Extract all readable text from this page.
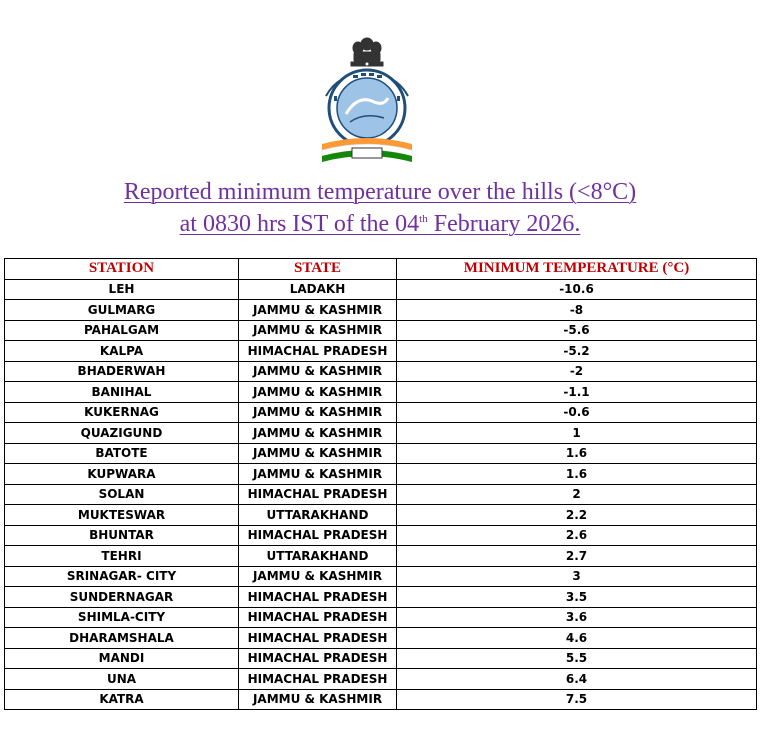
Reported minimum temperature over the hills (<8°C)
at 0830 hrs IST of the 04th February 2026.
STATION	STATE	MINIMUM TEMPERATURE (°C)
LEH	LADAKH	-10.6
GULMARG	JAMMU & KASHMIR	-8
PAHALGAM	JAMMU & KASHMIR	-5.6
KALPA	HIMACHAL PRADESH	-5.2
BHADERWAH	JAMMU & KASHMIR	-2
BANIHAL	JAMMU & KASHMIR	-1.1
KUKERNAG	JAMMU & KASHMIR	-0.6
QUAZIGUND	JAMMU & KASHMIR	1
BATOTE	JAMMU & KASHMIR	1.6
KUPWARA	JAMMU & KASHMIR	1.6
SOLAN	HIMACHAL PRADESH	2
MUKTESWAR	UTTARAKHAND	2.2
BHUNTAR	HIMACHAL PRADESH	2.6
TEHRI	UTTARAKHAND	2.7
SRINAGAR- CITY	JAMMU & KASHMIR	3
SUNDERNAGAR	HIMACHAL PRADESH	3.5
SHIMLA-CITY	HIMACHAL PRADESH	3.6
DHARAMSHALA	HIMACHAL PRADESH	4.6
MANDI	HIMACHAL PRADESH	5.5
UNA	HIMACHAL PRADESH	6.4
KATRA	JAMMU & KASHMIR	7.5
